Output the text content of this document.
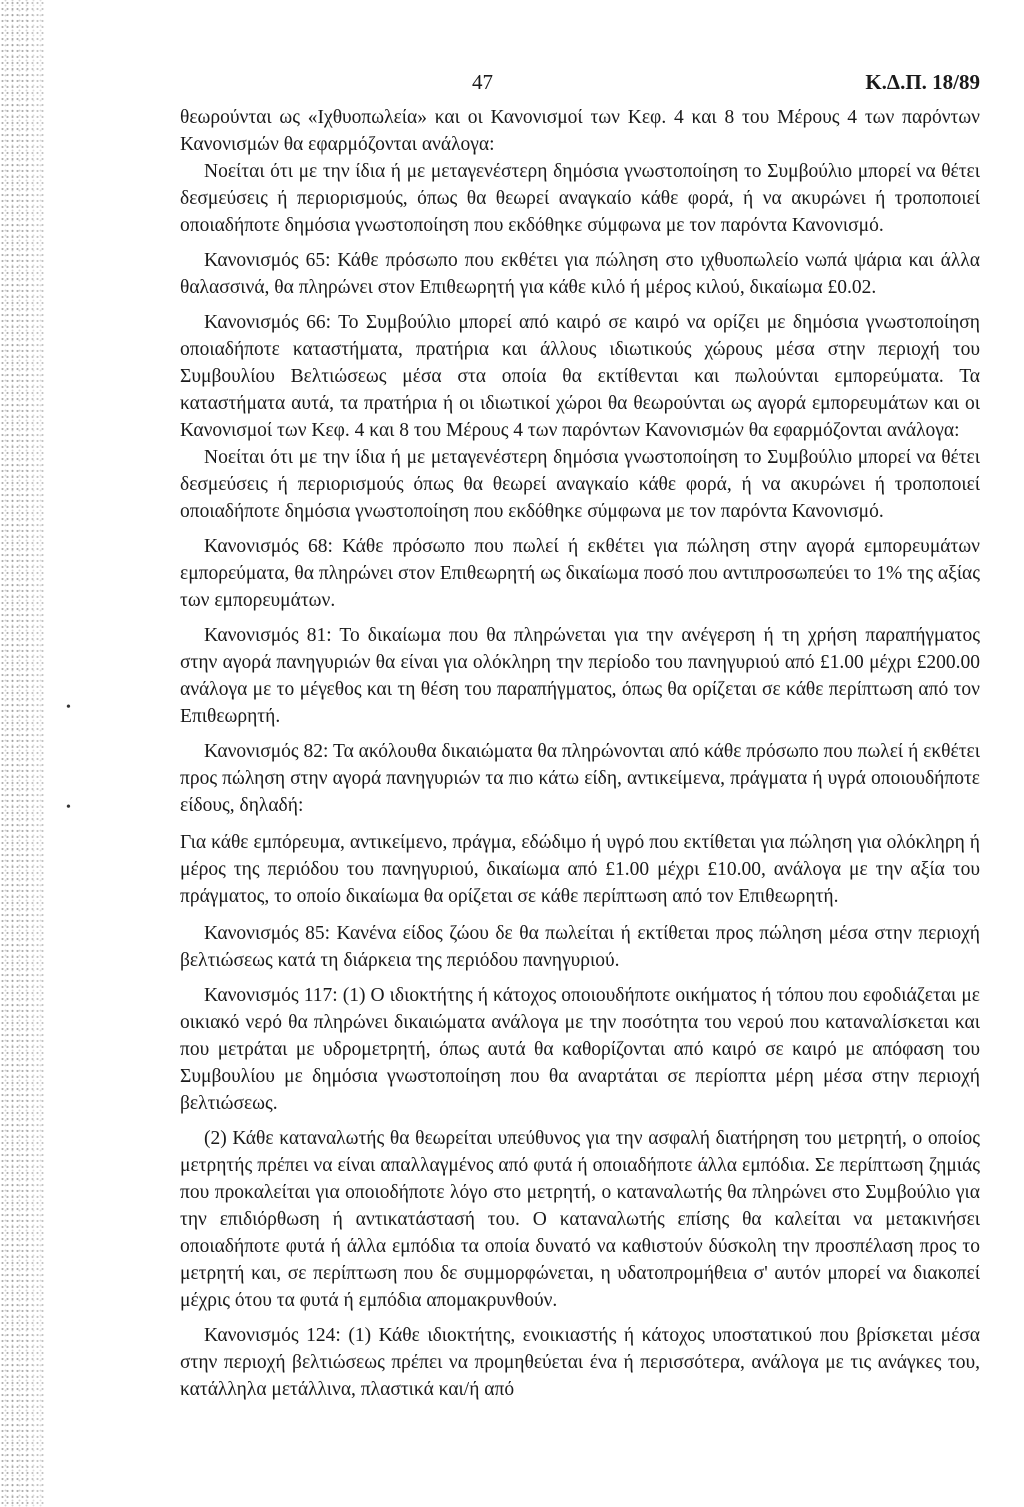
•
•
47	Κ.Δ.Π. 18/89

θεωρούνται ως «Ιχθυοπωλεία» και οι Κανονισμοί των Κεφ. 4 και 8 του Μέρους 4 των παρόντων Κανονισμών θα εφαρμόζονται ανάλογα:

Νοείται ότι με την ίδια ή με μεταγενέστερη δημόσια γνωστοποίηση το Συμβούλιο μπορεί να θέτει δεσμεύσεις ή περιορισμούς, όπως θα θεωρεί αναγκαίο κάθε φορά, ή να ακυρώνει ή τροποποιεί οποιαδήποτε δημόσια γνωστοποίηση που εκδόθηκε σύμφωνα με τον παρόντα Κανονισμό.

Κανονισμός 65: Κάθε πρόσωπο που εκθέτει για πώληση στο ιχθυοπωλείο νωπά ψάρια και άλλα θαλασσινά, θα πληρώνει στον Επιθεωρητή για κάθε κιλό ή μέρος κιλού, δικαίωμα £0.02.

Κανονισμός 66: Το Συμβούλιο μπορεί από καιρό σε καιρό να ορίζει με δημόσια γνωστοποίηση οποιαδήποτε καταστήματα, πρατήρια και άλλους ιδιωτικούς χώρους μέσα στην περιοχή του Συμβουλίου Βελτιώσεως μέσα στα οποία θα εκτίθενται και πωλούνται εμπορεύματα. Τα καταστήματα αυτά, τα πρατήρια ή οι ιδιωτικοί χώροι θα θεωρούνται ως αγορά εμπορευμάτων και οι Κανονισμοί των Κεφ. 4 και 8 του Μέρους 4 των παρόντων Κανονισμών θα εφαρμόζονται ανάλογα:

Νοείται ότι με την ίδια ή με μεταγενέστερη δημόσια γνωστοποίηση το Συμβούλιο μπορεί να θέτει δεσμεύσεις ή περιορισμούς όπως θα θεωρεί αναγκαίο κάθε φορά, ή να ακυρώνει ή τροποποιεί οποιαδήποτε δημόσια γνωστοποίηση που εκδόθηκε σύμφωνα με τον παρόντα Κανονισμό.

Κανονισμός 68: Κάθε πρόσωπο που πωλεί ή εκθέτει για πώληση στην αγορά εμπορευμάτων εμπορεύματα, θα πληρώνει στον Επιθεωρητή ως δικαίωμα ποσό που αντιπροσωπεύει το 1% της αξίας των εμπορευμάτων.

Κανονισμός 81: Το δικαίωμα που θα πληρώνεται για την ανέγερση ή τη χρήση παραπήγματος στην αγορά πανηγυριών θα είναι για ολόκληρη την περίοδο του πανηγυριού από £1.00 μέχρι £200.00 ανάλογα με το μέγεθος και τη θέση του παραπήγματος, όπως θα ορίζεται σε κάθε περίπτωση από τον Επιθεωρητή.

Κανονισμός 82: Τα ακόλουθα δικαιώματα θα πληρώνονται από κάθε πρόσωπο που πωλεί ή εκθέτει προς πώληση στην αγορά πανηγυριών τα πιο κάτω είδη, αντικείμενα, πράγματα ή υγρά οποιουδήποτε είδους, δηλαδή:

Για κάθε εμπόρευμα, αντικείμενο, πράγμα, εδώδιμο ή υγρό που εκτίθεται για πώληση για ολόκληρη ή μέρος της περιόδου του πανηγυριού, δικαίωμα από £1.00 μέχρι £10.00, ανάλογα με την αξία του πράγματος, το οποίο δικαίωμα θα ορίζεται σε κάθε περίπτωση από τον Επιθεωρητή.

Κανονισμός 85: Κανένα είδος ζώου δε θα πωλείται ή εκτίθεται προς πώληση μέσα στην περιοχή βελτιώσεως κατά τη διάρκεια της περιόδου πανηγυριού.

Κανονισμός 117: (1) Ο ιδιοκτήτης ή κάτοχος οποιουδήποτε οικήματος ή τόπου που εφοδιάζεται με οικιακό νερό θα πληρώνει δικαιώματα ανάλογα με την ποσότητα του νερού που καταναλίσκεται και που μετράται με υδρομετρητή, όπως αυτά θα καθορίζονται από καιρό σε καιρό με απόφαση του Συμβουλίου με δημόσια γνωστοποίηση που θα αναρτάται σε περίοπτα μέρη μέσα στην περιοχή βελτιώσεως.

(2) Κάθε καταναλωτής θα θεωρείται υπεύθυνος για την ασφαλή διατήρηση του μετρητή, ο οποίος μετρητής πρέπει να είναι απαλλαγμένος από φυτά ή οποιαδήποτε άλλα εμπόδια. Σε περίπτωση ζημιάς που προκαλείται για οποιοδήποτε λόγο στο μετρητή, ο καταναλωτής θα πληρώνει στο Συμβούλιο για την επιδιόρθωση ή αντικατάστασή του. Ο καταναλωτής επίσης θα καλείται να μετακινήσει οποιαδήποτε φυτά ή άλλα εμπόδια τα οποία δυνατό να καθιστούν δύσκολη την προσπέλαση προς το μετρητή και, σε περίπτωση που δε συμμορφώνεται, η υδατοπρομήθεια σ' αυτόν μπορεί να διακοπεί μέχρις ότου τα φυτά ή εμπόδια απομακρυνθούν.

Κανονισμός 124: (1) Κάθε ιδιοκτήτης, ενοικιαστής ή κάτοχος υποστατικού που βρίσκεται μέσα στην περιοχή βελτιώσεως πρέπει να προμηθεύεται ένα ή περισσότερα, ανάλογα με τις ανάγκες του, κατάλληλα μετάλλινα, πλαστικά και/ή από
